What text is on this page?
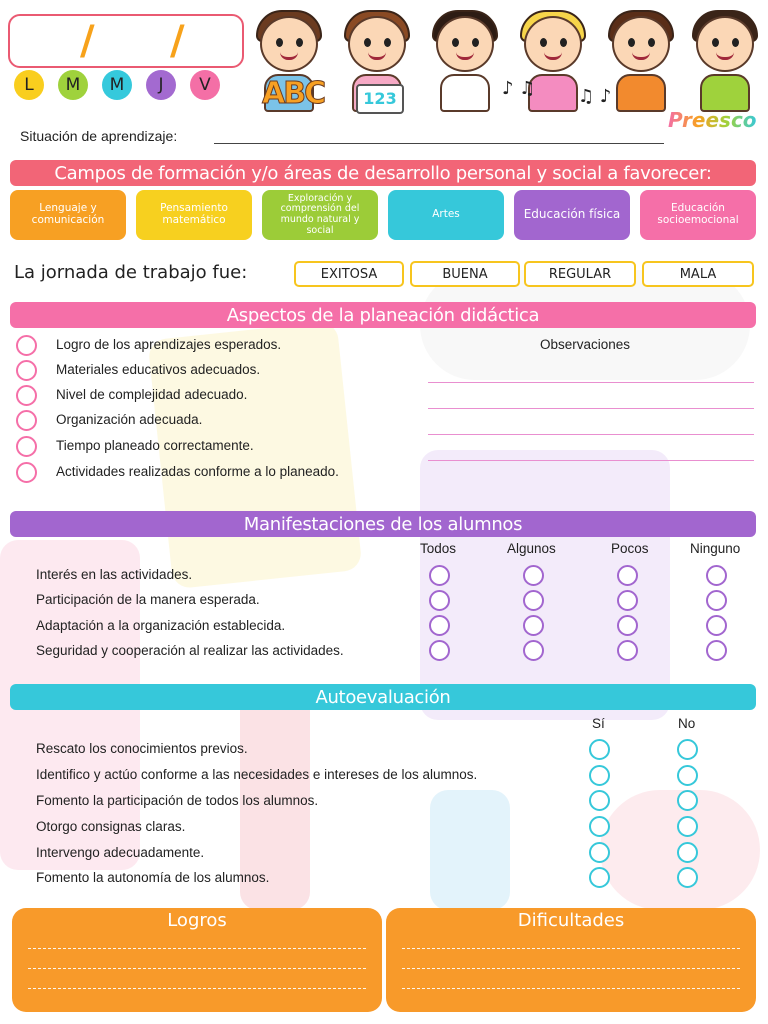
/ /
L M M J V ABC	123	♪ ♫ ♫ ♪
Preesco
Situación de aprendizaje:
Campos de formación y/o áreas de desarrollo personal y social a favorecer:
Lenguaje y comunicación
Pensamiento matemático
Exploración y comprensión del mundo natural y social
Artes	Educación física	Educación socioemocional
La jornada de trabajo fue:	EXITOSA	BUENA	REGULAR	MALA
Aspectos de la planeación didáctica
Logro de los aprendizajes esperados.
Materiales educativos adecuados.
Nivel de complejidad adecuado.
Organización adecuada.
Tiempo planeado correctamente.
Actividades realizadas conforme a lo planeado.
Observaciones
Manifestaciones de los alumnos
Todos	Algunos	Pocos	Ninguno
Interés en las actividades.
Participación de la manera esperada.
Adaptación a la organización establecida.
Seguridad y cooperación al realizar las actividades.
Autoevaluación
Sí	No
Rescato los conocimientos previos.
Identifico y actúo conforme a las necesidades e intereses de los alumnos.
Fomento la participación de todos los alumnos.
Otorgo consignas claras.
Intervengo adecuadamente.
Fomento la autonomía de los alumnos.
Logros	Dificultades
